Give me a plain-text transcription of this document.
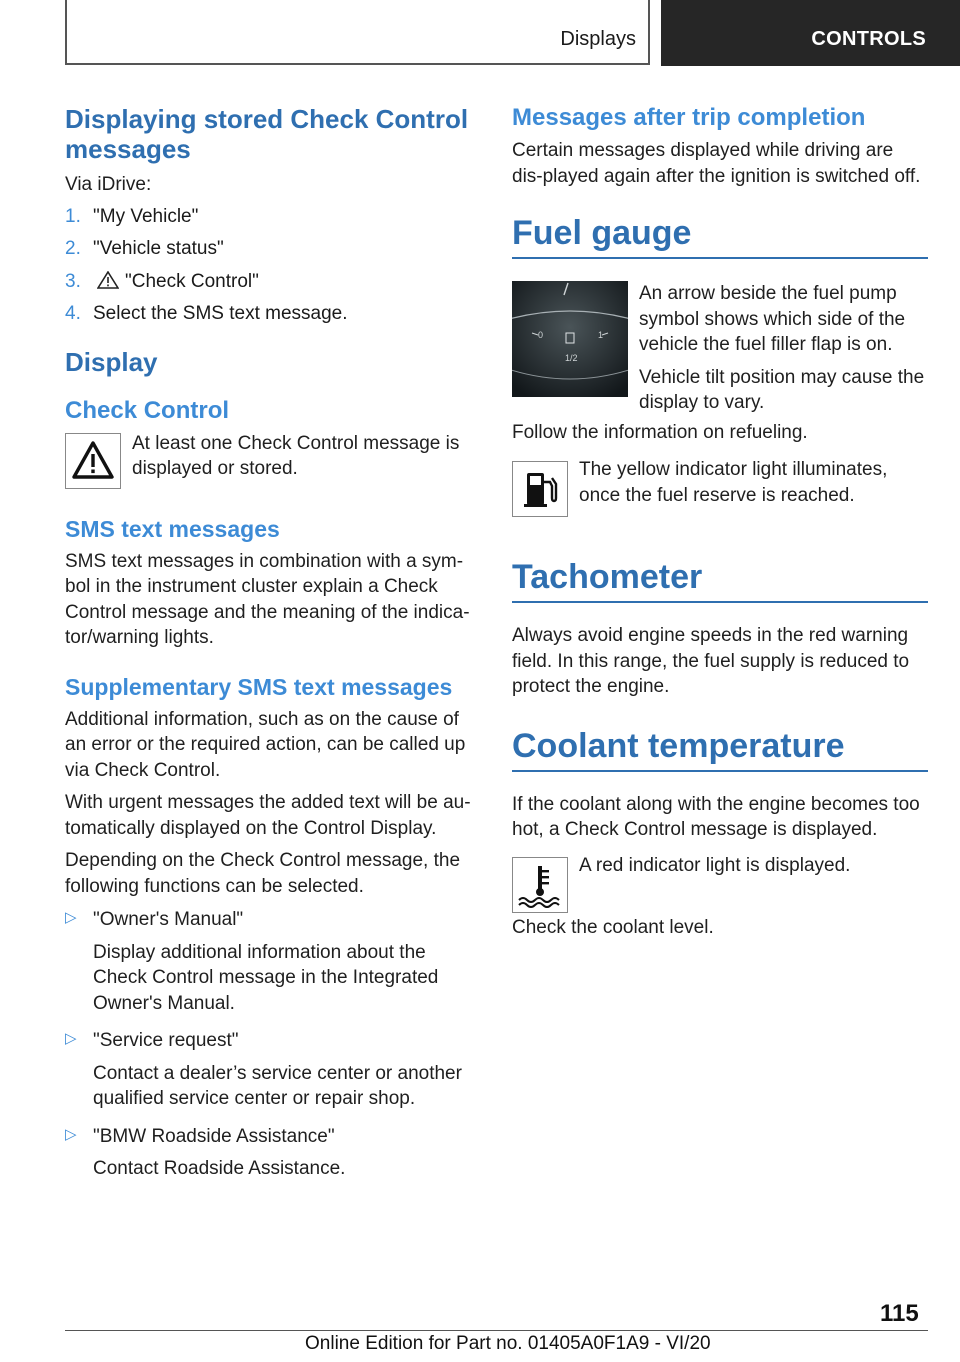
Displays	CONTROLS
Displaying stored Check Control messages

Via iDrive:

1. "My Vehicle"
2. "Vehicle status"
3. "Check Control"
4. Select the SMS text message.
Display
Check Control

At least one Check Control message is displayed or stored.

SMS text messages

SMS text messages in combination with a sym‐bol in the instrument cluster explain a Check Control message and the meaning of the indica‐tor/warning lights.

Supplementary SMS text messages

Additional information, such as on the cause of an error or the required action, can be called up via Check Control.

With urgent messages the added text will be au‐tomatically displayed on the Control Display.

Depending on the Check Control message, the following functions can be selected.

▷ "Owner's Manual"

Display additional information about the Check Control message in the Integrated Owner's Manual.

▷ "Service request"

Contact a dealer’s service center or another qualified service center or repair shop.

▷ "BMW Roadside Assistance"

Contact Roadside Assistance.

Messages after trip completion

Certain messages displayed while driving are dis‐played again after the ignition is switched off.

Fuel gauge
0
1/2
1

An arrow beside the fuel pump symbol shows which side of the vehicle the fuel filler flap is on.

Vehicle tilt position may cause the display to vary.

Follow the information on refueling.

The yellow indicator light illuminates, once the fuel reserve is reached.

Tachometer

Always avoid engine speeds in the red warning field. In this range, the fuel supply is reduced to protect the engine.

Coolant temperature

If the coolant along with the engine becomes too hot, a Check Control message is displayed.

A red indicator light is displayed.

Check the coolant level.

115
Online Edition for Part no. 01405A0F1A9 - VI/20
